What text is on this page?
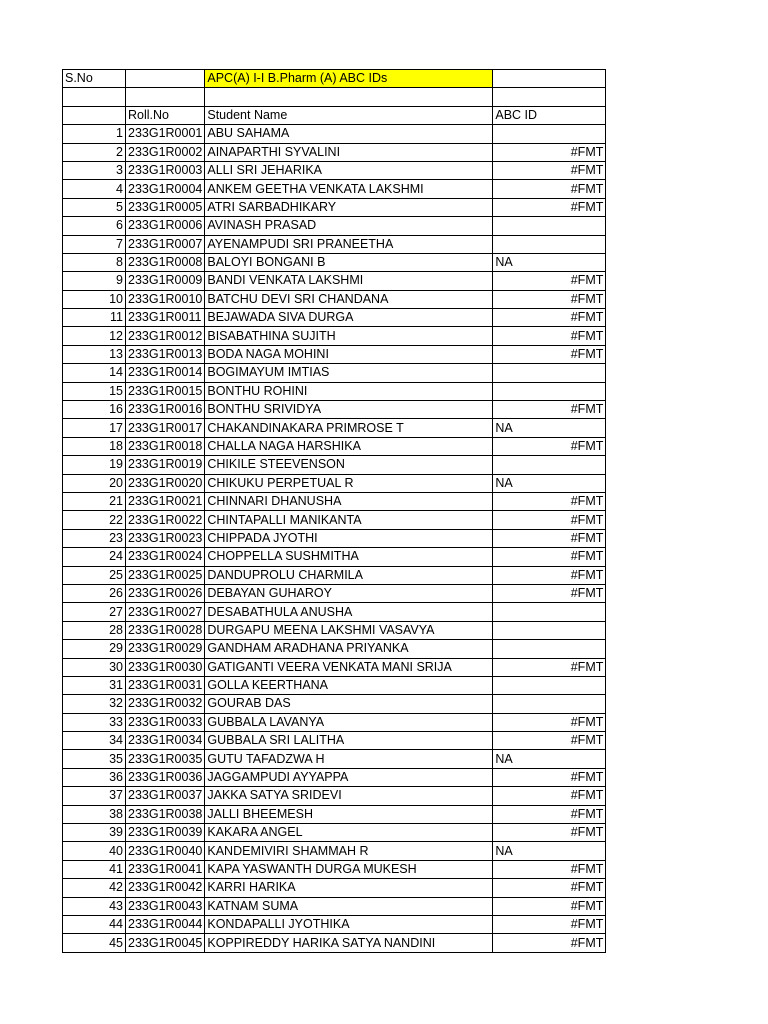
S.No		APC(A) I-I B.Pharm (A) ABC IDs	

	Roll.No	Student Name	ABC ID
1	233G1R0001	ABU SAHAMA	
2	233G1R0002	AINAPARTHI SYVALINI	#FMT
3	233G1R0003	ALLI SRI JEHARIKA	#FMT
4	233G1R0004	ANKEM GEETHA VENKATA LAKSHMI	#FMT
5	233G1R0005	ATRI SARBADHIKARY	#FMT
6	233G1R0006	AVINASH PRASAD	
7	233G1R0007	AYENAMPUDI SRI PRANEETHA	
8	233G1R0008	BALOYI BONGANI B	NA
9	233G1R0009	BANDI VENKATA LAKSHMI	#FMT
10	233G1R0010	BATCHU DEVI SRI CHANDANA	#FMT
11	233G1R0011	BEJAWADA SIVA DURGA	#FMT
12	233G1R0012	BISABATHINA SUJITH	#FMT
13	233G1R0013	BODA NAGA MOHINI	#FMT
14	233G1R0014	BOGIMAYUM IMTIAS	
15	233G1R0015	BONTHU ROHINI	
16	233G1R0016	BONTHU SRIVIDYA	#FMT
17	233G1R0017	CHAKANDINAKARA PRIMROSE T	NA
18	233G1R0018	CHALLA NAGA HARSHIKA	#FMT
19	233G1R0019	CHIKILE STEEVENSON	
20	233G1R0020	CHIKUKU PERPETUAL R	NA
21	233G1R0021	CHINNARI DHANUSHA	#FMT
22	233G1R0022	CHINTAPALLI MANIKANTA	#FMT
23	233G1R0023	CHIPPADA JYOTHI	#FMT
24	233G1R0024	CHOPPELLA SUSHMITHA	#FMT
25	233G1R0025	DANDUPROLU CHARMILA	#FMT
26	233G1R0026	DEBAYAN GUHAROY	#FMT
27	233G1R0027	DESABATHULA ANUSHA	
28	233G1R0028	DURGAPU MEENA LAKSHMI VASAVYA	
29	233G1R0029	GANDHAM ARADHANA PRIYANKA	
30	233G1R0030	GATIGANTI VEERA VENKATA MANI SRIJA	#FMT
31	233G1R0031	GOLLA KEERTHANA	
32	233G1R0032	GOURAB DAS	
33	233G1R0033	GUBBALA LAVANYA	#FMT
34	233G1R0034	GUBBALA SRI LALITHA	#FMT
35	233G1R0035	GUTU TAFADZWA H	NA
36	233G1R0036	JAGGAMPUDI AYYAPPA	#FMT
37	233G1R0037	JAKKA SATYA SRIDEVI	#FMT
38	233G1R0038	JALLI BHEEMESH	#FMT
39	233G1R0039	KAKARA ANGEL	#FMT
40	233G1R0040	KANDEMIVIRI SHAMMAH R	NA
41	233G1R0041	KAPA YASWANTH DURGA MUKESH	#FMT
42	233G1R0042	KARRI HARIKA	#FMT
43	233G1R0043	KATNAM SUMA	#FMT
44	233G1R0044	KONDAPALLI JYOTHIKA	#FMT
45	233G1R0045	KOPPIREDDY HARIKA SATYA NANDINI	#FMT
